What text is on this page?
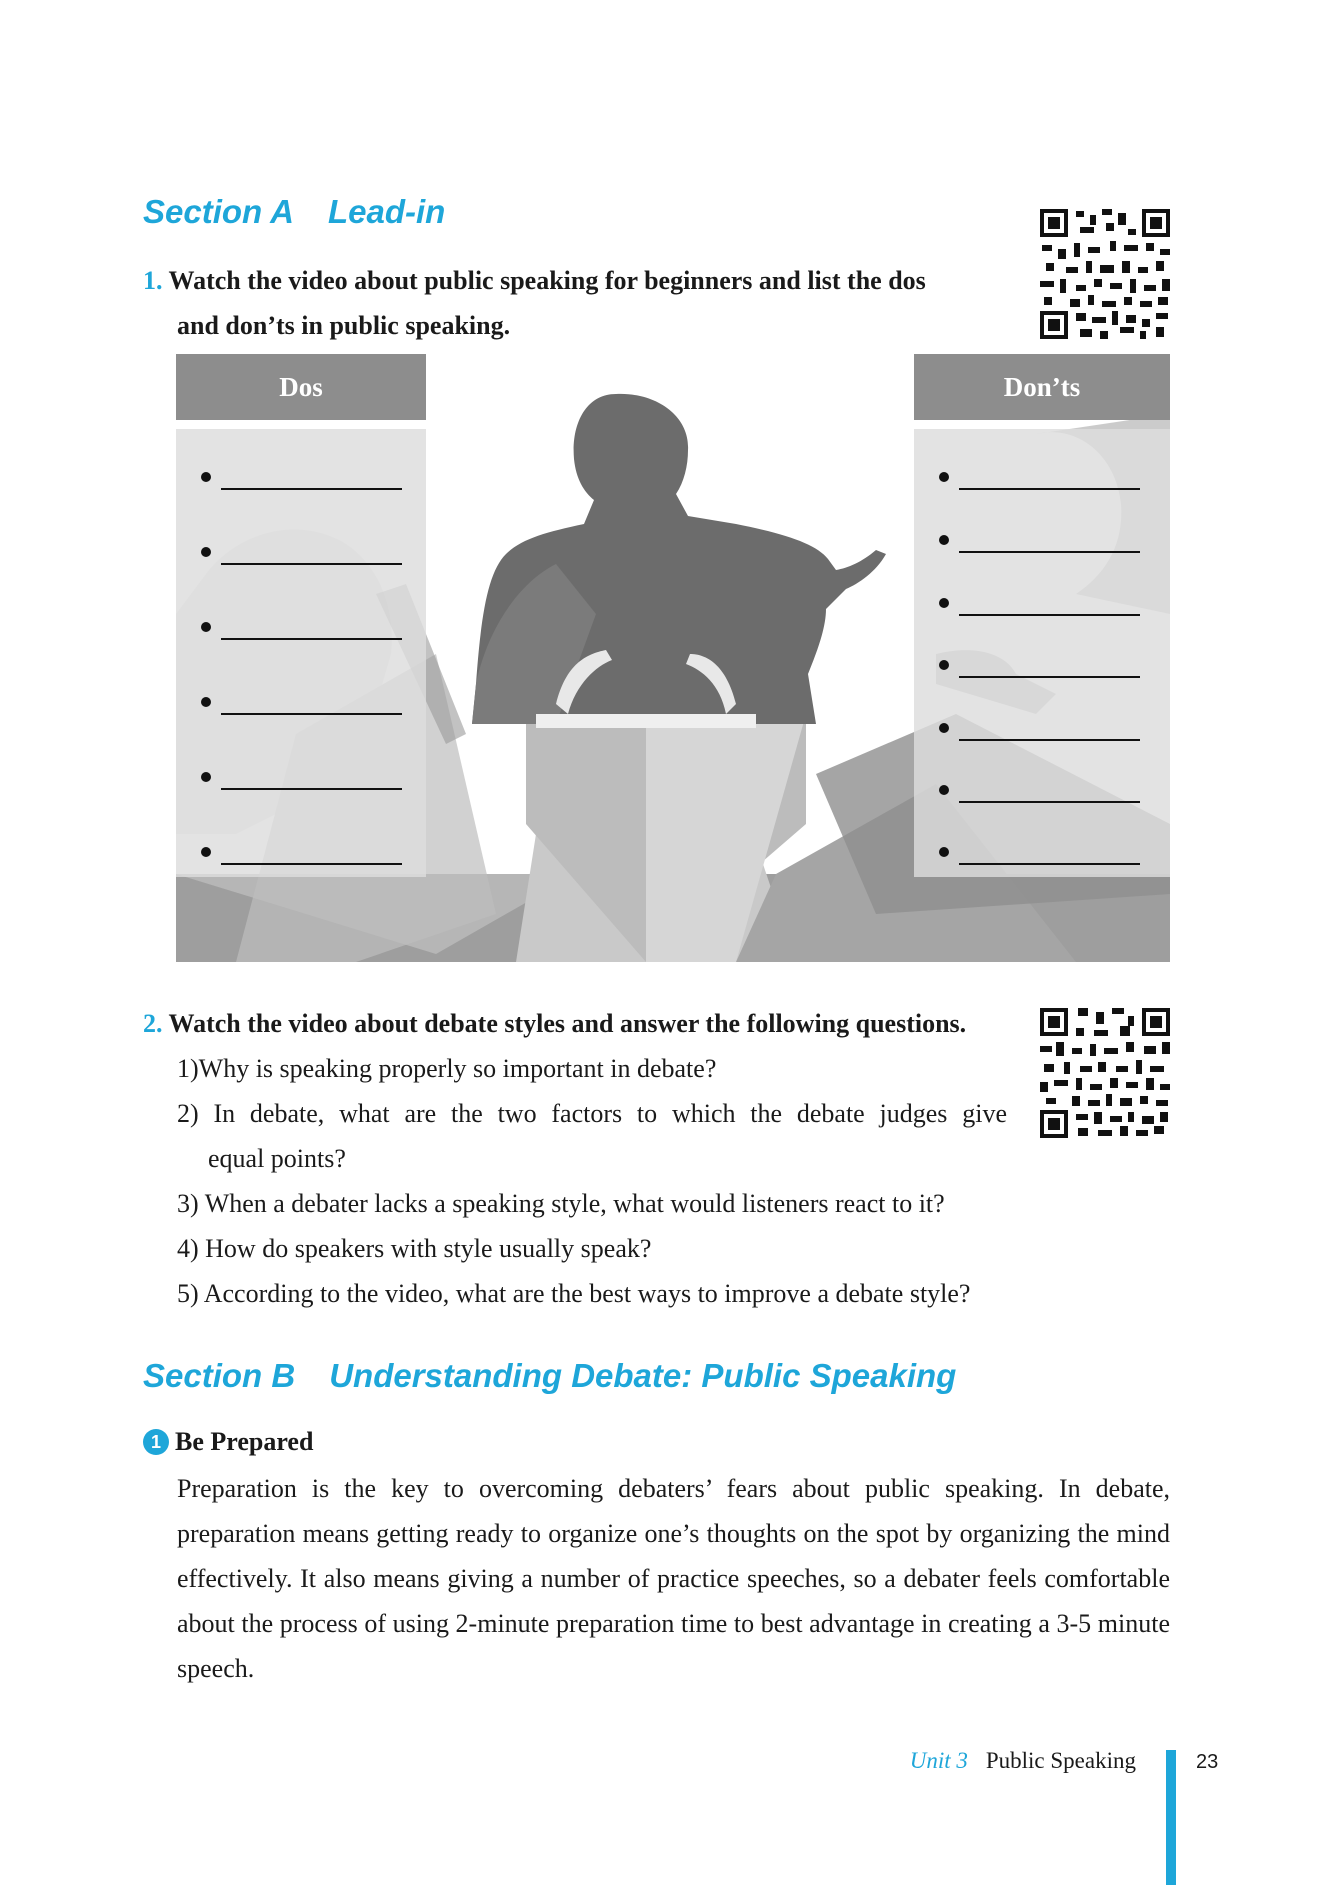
Section A Lead-in
1. Watch the video about public speaking for beginners and list the dos
and don’ts in public speaking.
Dos	Don’ts
2. Watch the video about debate styles and answer the following questions.
1)Why is speaking properly so important in debate?
2) In debate, what are the two factors to which the debate judges give
equal points?
3) When a debater lacks a speaking style, what would listeners react to it?
4) How do speakers with style usually speak?
5) According to the video, what are the best ways to improve a debate style?
Section B Understanding Debate: Public Speaking
1 Be Prepared
Preparation is the key to overcoming debaters’ fears about public speaking. In debate, preparation means getting ready to organize one’s thoughts on the spot by organizing the mind effectively. It also means giving a number of practice speeches, so a debater feels comfortable about the process of using 2-minute preparation time to best advantage in creating a 3-5 minute speech.
Unit 3 Public Speaking	23
